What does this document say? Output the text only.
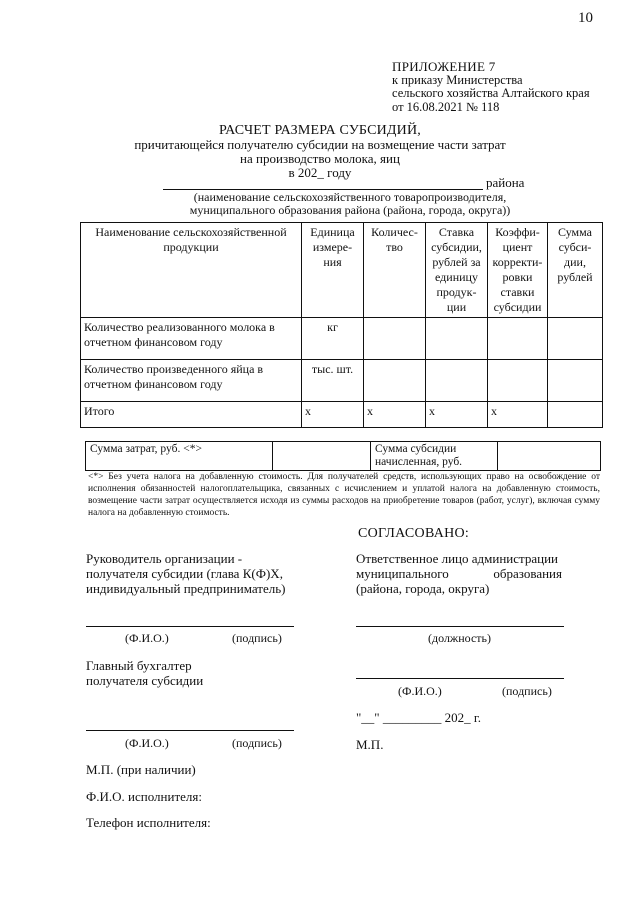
10
ПРИЛОЖЕНИЕ 7
к приказу Министерства
сельского хозяйства Алтайского края
от 16.08.2021 № 118
РАСЧЕТ РАЗМЕРА СУБСИДИЙ,
причитающейся получателю субсидии на возмещение части затрат
на производство молока, яиц
в 202_ году
района
(наименование сельскохозяйственного товаропроизводителя,
муниципального образования района (района, города, округа))
Наименование сельскохозяйственной продукции	Единица измере-ния	Количес-тво	Ставка субсидии, рублей за единицу продук-ции	Коэффи-циент корректи-ровки ставки субсидии	Сумма субси-дии, рублей
Количество реализованного молока в отчетном финансовом году	кг				
Количество произведенного яйца в отчетном финансовом году	тыс. шт.				
Итого	х	х	х	х	
Сумма затрат, руб. <*>		Сумма субсидии
начисленная, руб.

<*> Без учета налога на добавленную стоимость. Для получателей средств, использующих право на освобождение от исполнения обязанностей налогоплательщика, связанных с исчислением и уплатой налога на добавленную стоимость, возмещение части затрат осуществляется исходя из суммы расходов на приобретение товаров (работ, услуг), включая сумму налога на добавленную стоимость.
СОГЛАСОВАНО:
Руководитель организации -
получателя субсидии (глава К(Ф)Х,
индивидуальный предприниматель)
Ответственное лицо администрации
муниципального	образования
(района, города, округа)
(Ф.И.О.)	(подпись)	(должность)
Главный бухгалтер
получателя субсидии
(Ф.И.О.)	(подпись)
"__" _________ 202_ г.
(Ф.И.О.)	(подпись)	М.П.
М.П. (при наличии)
Ф.И.О. исполнителя:
Телефон исполнителя:
